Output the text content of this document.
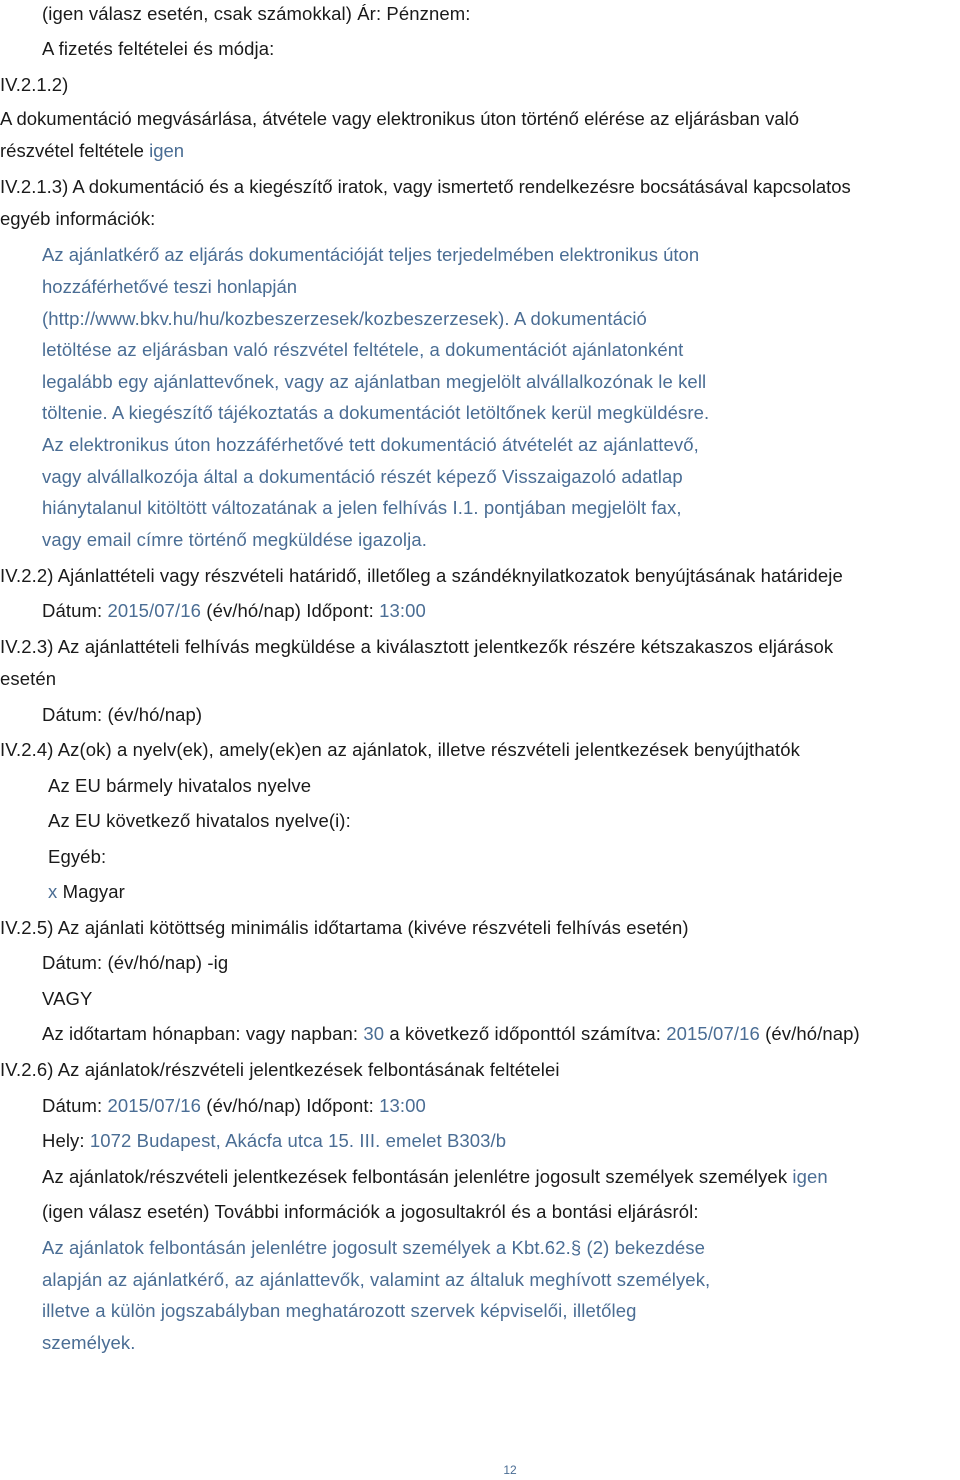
(igen válasz esetén, csak számokkal) Ár: Pénznem:
A fizetés feltételei és módja:
IV.2.1.2)
A dokumentáció megvásárlása, átvétele vagy elektronikus úton történő elérése az eljárásban való
részvétel feltétele igen
IV.2.1.3) A dokumentáció és a kiegészítő iratok, vagy ismertető rendelkezésre bocsátásával kapcsolatos
egyéb információk:
Az ajánlatkérő az eljárás dokumentációját teljes terjedelmében elektronikus úton
hozzáférhetővé teszi honlapján
(http://www.bkv.hu/hu/kozbeszerzesek/kozbeszerzesek). A dokumentáció
letöltése az eljárásban való részvétel feltétele, a dokumentációt ajánlatonként
legalább egy ajánlattevőnek, vagy az ajánlatban megjelölt alvállalkozónak le kell
töltenie. A kiegészítő tájékoztatás a dokumentációt letöltőnek kerül megküldésre.
Az elektronikus úton hozzáférhetővé tett dokumentáció átvételét az ajánlattevő,
vagy alvállalkozója által a dokumentáció részét képező Visszaigazoló adatlap
hiánytalanul kitöltött változatának a jelen felhívás I.1. pontjában megjelölt fax,
vagy email címre történő megküldése igazolja.
IV.2.2) Ajánlattételi vagy részvételi határidő, illetőleg a szándéknyilatkozatok benyújtásának határideje
Dátum: 2015/07/16 (év/hó/nap) Időpont: 13:00
IV.2.3) Az ajánlattételi felhívás megküldése a kiválasztott jelentkezők részére kétszakaszos eljárások
esetén
Dátum: (év/hó/nap)
IV.2.4) Az(ok) a nyelv(ek), amely(ek)en az ajánlatok, illetve részvételi jelentkezések benyújthatók
Az EU bármely hivatalos nyelve
Az EU következő hivatalos nyelve(i):
Egyéb:
x Magyar
IV.2.5) Az ajánlati kötöttség minimális időtartama (kivéve részvételi felhívás esetén)
Dátum: (év/hó/nap) -ig
VAGY
Az időtartam hónapban: vagy napban: 30 a következő időponttól számítva: 2015/07/16 (év/hó/nap)
IV.2.6) Az ajánlatok/részvételi jelentkezések felbontásának feltételei
Dátum: 2015/07/16 (év/hó/nap) Időpont: 13:00
Hely: 1072 Budapest, Akácfa utca 15. III. emelet B303/b
Az ajánlatok/részvételi jelentkezések felbontásán jelenlétre jogosult személyek személyek igen
(igen válasz esetén) További információk a jogosultakról és a bontási eljárásról:
Az ajánlatok felbontásán jelenlétre jogosult személyek a Kbt.62.§ (2) bekezdése
alapján az ajánlatkérő, az ajánlattevők, valamint az általuk meghívott személyek,
illetve a külön jogszabályban meghatározott szervek képviselői, illetőleg
személyek.
12
